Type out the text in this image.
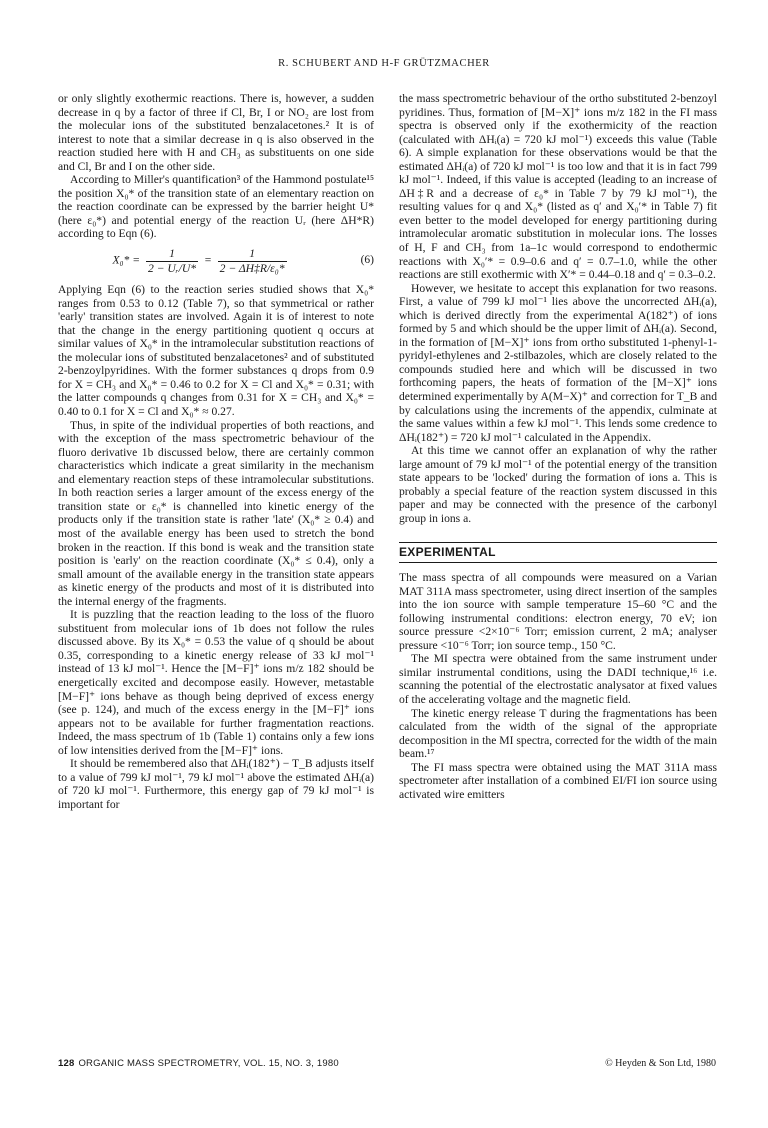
R. SCHUBERT AND H-F GRÜTZMACHER

or only slightly exothermic reactions. There is, however, a sudden decrease in q by a factor of three if Cl, Br, I or NO₂ are lost from the molecular ions of the substituted benzalacetones.² It is of interest to note that a similar decrease in q is also observed in the reaction studied here with H and CH₃ as substituents on one side and Cl, Br and I on the other side.

According to Miller's quantification³ of the Hammond postulate¹⁵ the position X₀* of the transition state of an elementary reaction on the reaction coordinate can be expressed by the barrier height U* (here ε₀*) and potential energy of the reaction Uᵣ (here ΔH*R) according to Eqn (6).

$X_0* = \frac{1}{\text{2 − Uᵣ/U*}} = \frac{1}{\text{2 − ΔH‡R/ε₀*}}$	(6)

Applying Eqn (6) to the reaction series studied shows that X₀* ranges from 0.53 to 0.12 (Table 7), so that symmetrical or rather 'early' transition states are involved. Again it is of interest to note that the change in the energy partitioning quotient q occurs at similar values of X₀* in the intramolecular substitution reactions of the molecular ions of substituted benzalacetones² and of substituted 2-benzoylpyridines. With the former substances q drops from 0.9 for X = CH₃ and X₀* = 0.46 to 0.2 for X = Cl and X₀* = 0.31; with the latter compounds q changes from 0.31 for X = CH₃ and X₀* = 0.40 to 0.1 for X = Cl and X₀* ≈ 0.27.

Thus, in spite of the individual properties of both reactions, and with the exception of the mass spectrometric behaviour of the fluoro derivative 1b discussed below, there are certainly common characteristics which indicate a great similarity in the mechanism and elementary reaction steps of these intramolecular substitutions. In both reaction series a larger amount of the excess energy of the transition state or ε₀* is channelled into kinetic energy of the products only if the transition state is rather 'late' (X₀* ≥ 0.4) and most of the available energy has been used to stretch the bond broken in the reaction. If this bond is weak and the transition state position is 'early' on the reaction coordinate (X₀* ≤ 0.4), only a small amount of the available energy in the transition state appears as kinetic energy of the products and most of it is distributed into the internal energy of the fragments.

It is puzzling that the reaction leading to the loss of the fluoro substituent from molecular ions of 1b does not follow the rules discussed above. By its X₀* = 0.53 the value of q should be about 0.35, corresponding to a kinetic energy release of 33 kJ mol⁻¹ instead of 13 kJ mol⁻¹. Hence the [M−F]⁺ ions m/z 182 should be energetically excited and decompose easily. However, metastable [M−F]⁺ ions behave as though being deprived of excess energy (see p. 124), and much of the excess energy in the [M−F]⁺ ions appears not to be available for further fragmentation reactions. Indeed, the mass spectrum of 1b (Table 1) contains only a few ions of low intensities derived from the [M−F]⁺ ions.

It should be remembered also that ΔHᵢ(182⁺) − T_B adjusts itself to a value of 799 kJ mol⁻¹, 79 kJ mol⁻¹ above the estimated ΔHᵢ(a) of 720 kJ mol⁻¹. Furthermore, this energy gap of 79 kJ mol⁻¹ is important for

the mass spectrometric behaviour of the ortho substituted 2-benzoyl pyridines. Thus, formation of [M−X]⁺ ions m/z 182 in the FI mass spectra is observed only if the exothermicity of the reaction (calculated with ΔHᵢ(a) = 720 kJ mol⁻¹) exceeds this value (Table 6). A simple explanation for these observations would be that the estimated ΔHᵢ(a) of 720 kJ mol⁻¹ is too low and that it is in fact 799 kJ mol⁻¹. Indeed, if this value is accepted (leading to an increase of ΔH‡R and a decrease of ε₀* in Table 7 by 79 kJ mol⁻¹), the resulting values for q and X₀* (listed as q′ and X₀′* in Table 7) fit even better to the model developed for energy partitioning during intramolecular aromatic substitution in molecular ions. The losses of H, F and CH₃ from 1a–1c would correspond to endothermic reactions with X₀′* = 0.9–0.6 and q′ = 0.7–1.0, while the other reactions are still exothermic with X′* = 0.44–0.18 and q′ = 0.3–0.2.

However, we hesitate to accept this explanation for two reasons. First, a value of 799 kJ mol⁻¹ lies above the uncorrected ΔHᵢ(a), which is derived directly from the experimental A(182⁺) of ions formed by 5 and which should be the upper limit of ΔHᵢ(a). Second, in the formation of [M−X]⁺ ions from ortho substituted 1-phenyl-1-pyridyl-ethylenes and 2-stilbazoles, which are closely related to the compounds studied here and which will be discussed in two forthcoming papers, the heats of formation of the [M−X]⁺ ions determined experimentally by A(M−X)⁺ and correction for T_B and by calculations using the increments of the appendix, culminate at the same values within a few kJ mol⁻¹. This lends some credence to ΔHᵢ(182⁺) = 720 kJ mol⁻¹ calculated in the Appendix.

At this time we cannot offer an explanation of why the rather large amount of 79 kJ mol⁻¹ of the potential energy of the transition state appears to be 'locked' during the formation of ions a. This is probably a special feature of the reaction system discussed in this paper and may be connected with the presence of the carbonyl group in ions a.

EXPERIMENTAL

The mass spectra of all compounds were measured on a Varian MAT 311A mass spectrometer, using direct insertion of the samples into the ion source with sample temperature 15–60 °C and the following instrumental conditions: electron energy, 70 eV; ion source pressure <2×10⁻⁶ Torr; emission current, 2 mA; analyser pressure <10⁻⁶ Torr; ion source temp., 150 °C.

The MI spectra were obtained from the same instrument under similar instrumental conditions, using the DADI technique,¹⁶ i.e. scanning the potential of the electrostatic analysator at fixed values of the accelerating voltage and the magnetic field.

The kinetic energy release T during the fragmentations has been calculated from the width of the signal of the appropriate decomposition in the MI spectra, corrected for the width of the main beam.¹⁷

The FI mass spectra were obtained using the MAT 311A mass spectrometer after installation of a combined EI/FI ion source using activated wire emitters

128 ORGANIC MASS SPECTROMETRY, VOL. 15, NO. 3, 1980	© Heyden & Son Ltd, 1980
